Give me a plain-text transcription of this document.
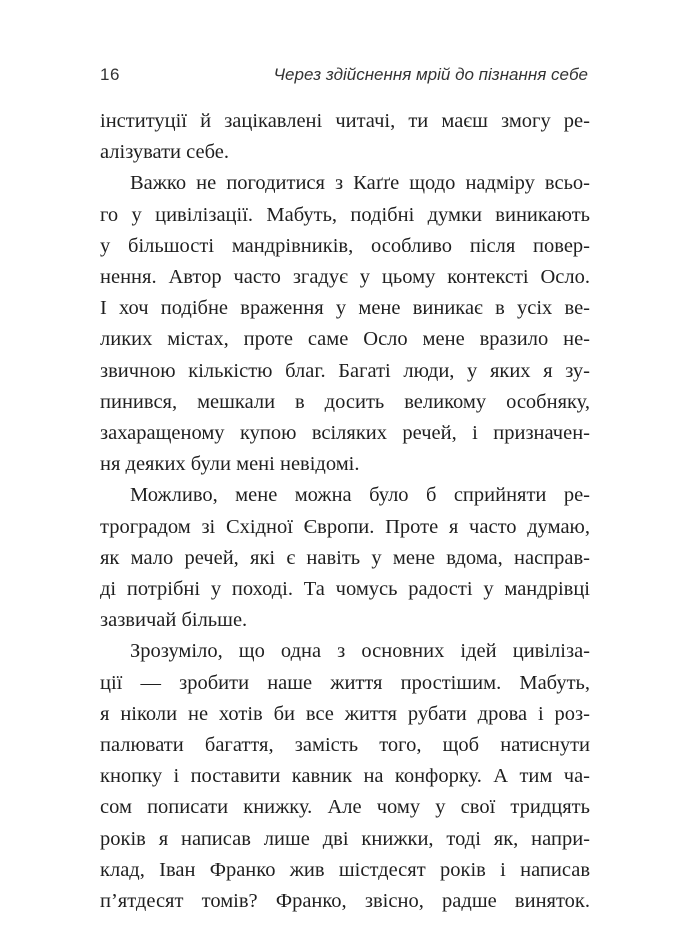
16	Через здійснення мрій до пізнання себе
інституції й зацікавлені читачі, ти маєш змогу ре-
алізувати себе.
Важко не погодитися з Каґґе щодо надміру всьо-
го у цивілізації. Мабуть, подібні думки виникають
у більшості мандрівників, особливо після повер-
нення. Автор часто згадує у цьому контексті Осло.
І хоч подібне враження у мене виникає в усіх ве-
ликих містах, проте саме Осло мене вразило не-
звичною кількістю благ. Багаті люди, у яких я зу-
пинився, мешкали в досить великому особняку,
захаращеному купою всіляких речей, і призначен-
ня деяких були мені невідомі.
Можливо, мене можна було б сприйняти ре-
троградом зі Східної Європи. Проте я часто думаю,
як мало речей, які є навіть у мене вдома, насправ-
ді потрібні у поході. Та чомусь радості у мандрівці
зазвичай більше.
Зрозуміло, що одна з основних ідей цивіліза-
ції — зробити наше життя простішим. Мабуть,
я ніколи не хотів би все життя рубати дрова і роз-
палювати багаття, замість того, щоб натиснути
кнопку і поставити кавник на конфорку. А тим ча-
сом пописати книжку. Але чому у свої тридцять
років я написав лише дві книжки, тоді як, напри-
клад, Іван Франко жив шістдесят років і написав
п’ятдесят томів? Франко, звісно, радше виняток.
